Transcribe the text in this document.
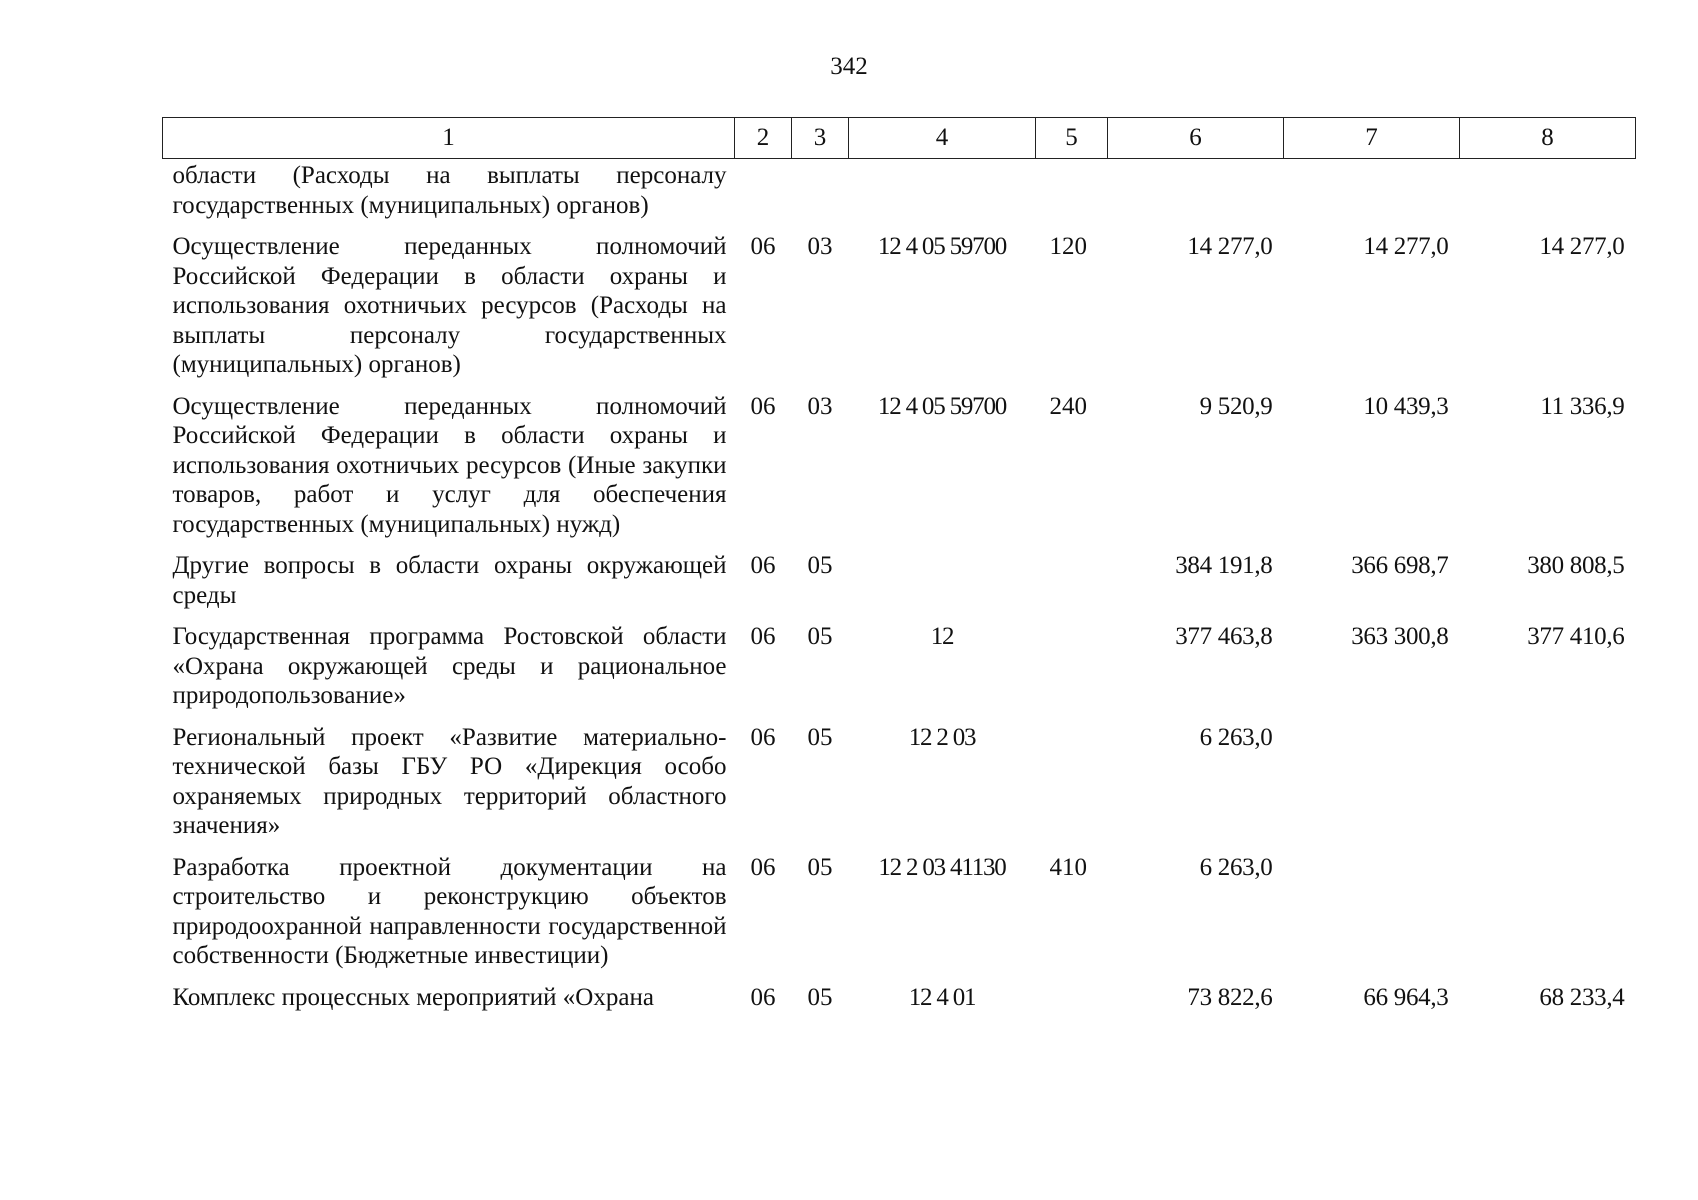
342
1	2	3	4	5	6	7	8
области (Расходы на выплаты персоналу государственных (муниципальных) органов)							
Осуществление переданных полномочий Российской Федерации в области охраны и использования охотничьих ресурсов (Расходы на выплаты персоналу государственных (муниципальных) органов)	06	03	12 4 05 59700	120	14 277,0	14 277,0	14 277,0
Осуществление переданных полномочий Российской Федерации в области охраны и использования охотничьих ресурсов (Иные закупки товаров, работ и услуг для обеспечения государственных (муниципальных) нужд)	06	03	12 4 05 59700	240	9 520,9	10 439,3	11 336,9
Другие вопросы в области охраны окружающей среды	06	05			384 191,8	366 698,7	380 808,5
Государственная программа Ростовской области «Охрана окружающей среды и рациональное природопользование»	06	05	12		377 463,8	363 300,8	377 410,6
Региональный проект «Развитие материально-технической базы ГБУ РО «Дирекция особо охраняемых природных территорий областного значения»	06	05	12 2 03		6 263,0		
Разработка проектной документации на строительство и реконструкцию объектов природоохранной направленности государственной собственности (Бюджетные инвестиции)	06	05	12 2 03 41130	410	6 263,0		
Комплекс процессных мероприятий «Охрана	06	05	12 4 01		73 822,6	66 964,3	68 233,4
